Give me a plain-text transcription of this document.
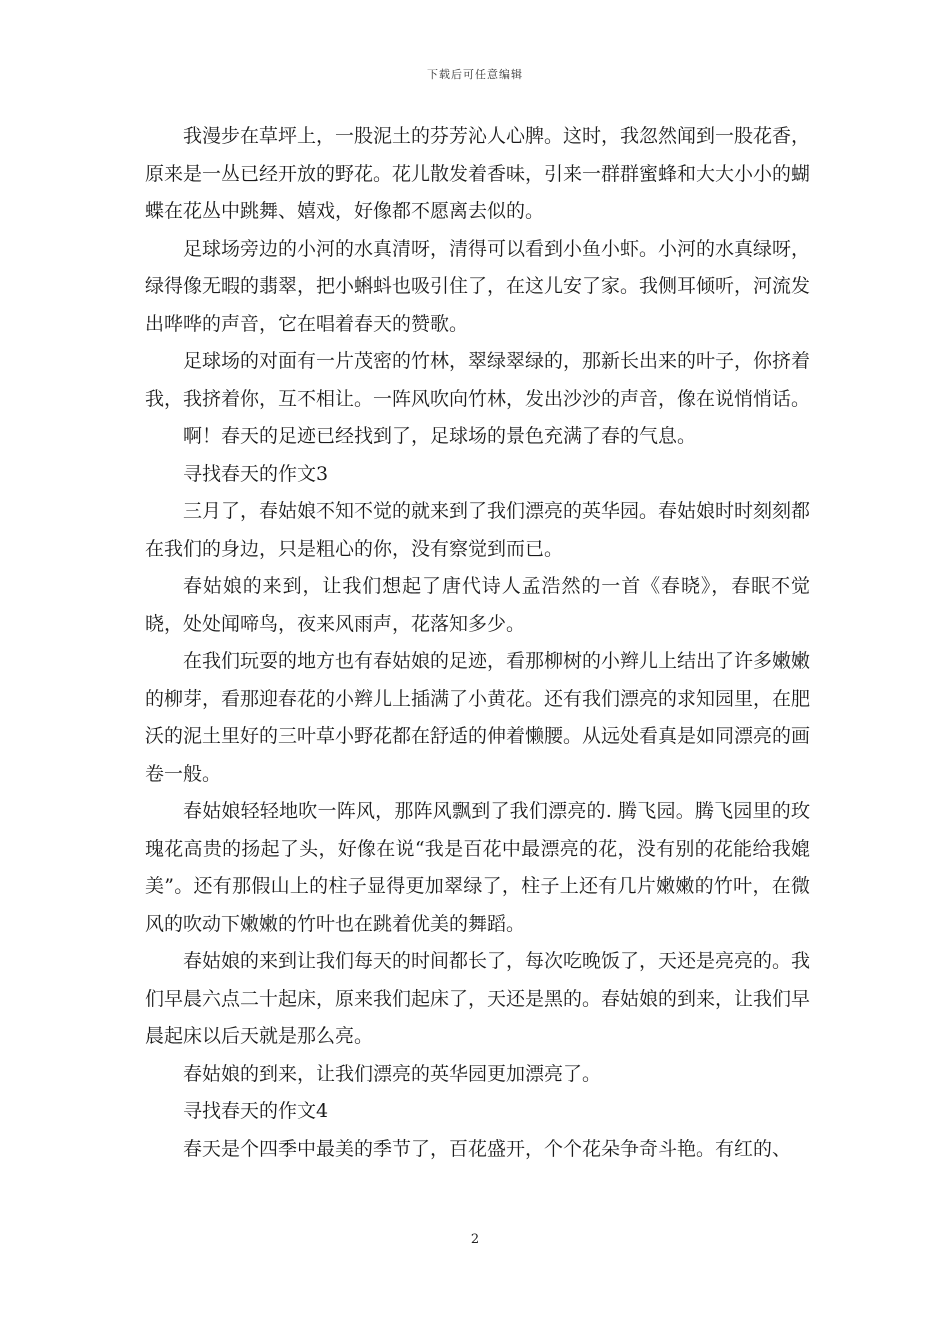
下载后可任意编辑

我漫步在草坪上，一股泥土的芬芳沁人心脾。这时，我忽然闻到一股花香，原来是一丛已经开放的野花。花儿散发着香味，引来一群群蜜蜂和大大小小的蝴蝶在花丛中跳舞、嬉戏，好像都不愿离去似的。

足球场旁边的小河的水真清呀，清得可以看到小鱼小虾。小河的水真绿呀，绿得像无暇的翡翠，把小蝌蚪也吸引住了，在这儿安了家。我侧耳倾听，河流发出哗哗的声音，它在唱着春天的赞歌。

足球场的对面有一片茂密的竹林，翠绿翠绿的，那新长出来的叶子，你挤着我，我挤着你，互不相让。一阵风吹向竹林，发出沙沙的声音，像在说悄悄话。

啊！春天的足迹已经找到了，足球场的景色充满了春的气息。

寻找春天的作文3

三月了，春姑娘不知不觉的就来到了我们漂亮的英华园。春姑娘时时刻刻都在我们的身边，只是粗心的你，没有察觉到而已。

春姑娘的来到，让我们想起了唐代诗人孟浩然的一首《春晓》，春眠不觉晓，处处闻啼鸟，夜来风雨声，花落知多少。

在我们玩耍的地方也有春姑娘的足迹，看那柳树的小辫儿上结出了许多嫩嫩的柳芽，看那迎春花的小辫儿上插满了小黄花。还有我们漂亮的求知园里，在肥沃的泥土里好的三叶草小野花都在舒适的伸着懒腰。从远处看真是如同漂亮的画卷一般。

春姑娘轻轻地吹一阵风，那阵风飘到了我们漂亮的. 腾飞园。腾飞园里的玫瑰花高贵的扬起了头，好像在说“我是百花中最漂亮的花，没有别的花能给我媲美”。还有那假山上的柱子显得更加翠绿了，柱子上还有几片嫩嫩的竹叶，在微风的吹动下嫩嫩的竹叶也在跳着优美的舞蹈。

春姑娘的来到让我们每天的时间都长了，每次吃晚饭了，天还是亮亮的。我们早晨六点二十起床，原来我们起床了，天还是黑的。春姑娘的到来，让我们早晨起床以后天就是那么亮。

春姑娘的到来，让我们漂亮的英华园更加漂亮了。

寻找春天的作文4

春天是个四季中最美的季节了，百花盛开，个个花朵争奇斗艳。有红的、

2
